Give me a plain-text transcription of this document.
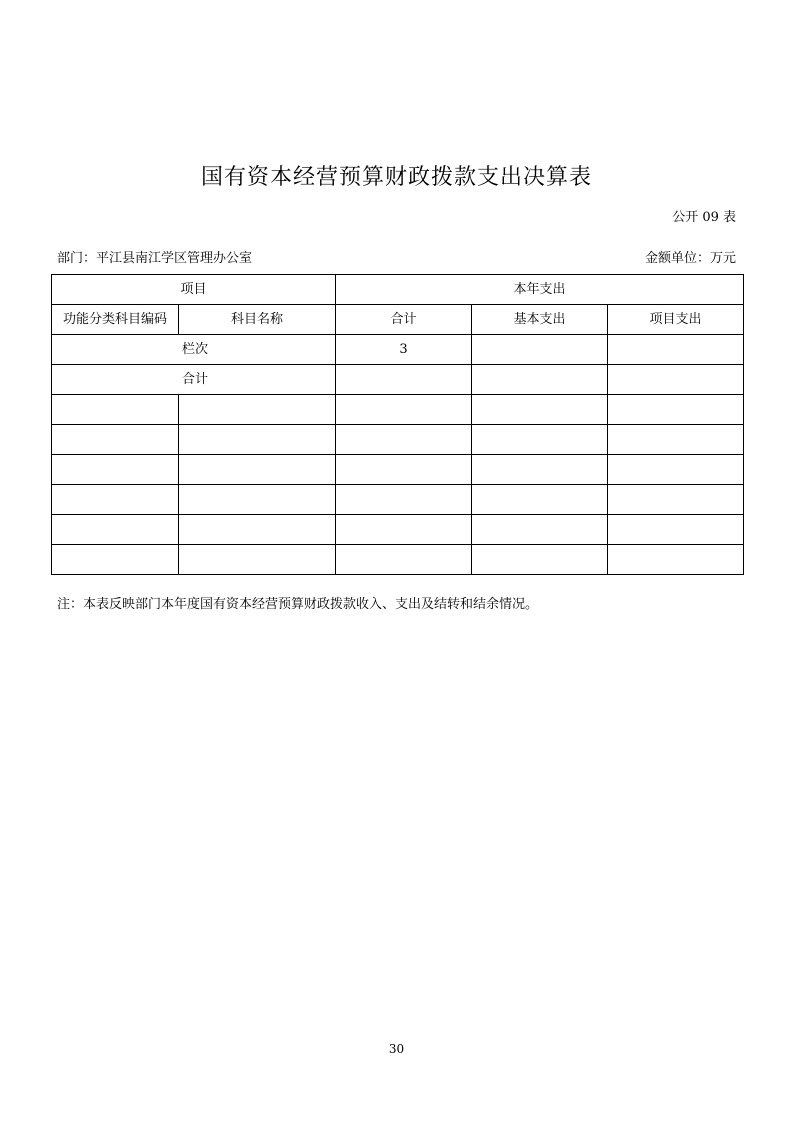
国有资本经营预算财政拨款支出决算表
公开 09 表
部门：平江县南江学区管理办公室	金额单位：万元
项目		本年支出		
功能分类科目编码	科目名称	合计	基本支出	项目支出
栏次		3		
合计				

注：本表反映部门本年度国有资本经营预算财政拨款收入、支出及结转和结余情况。
30
